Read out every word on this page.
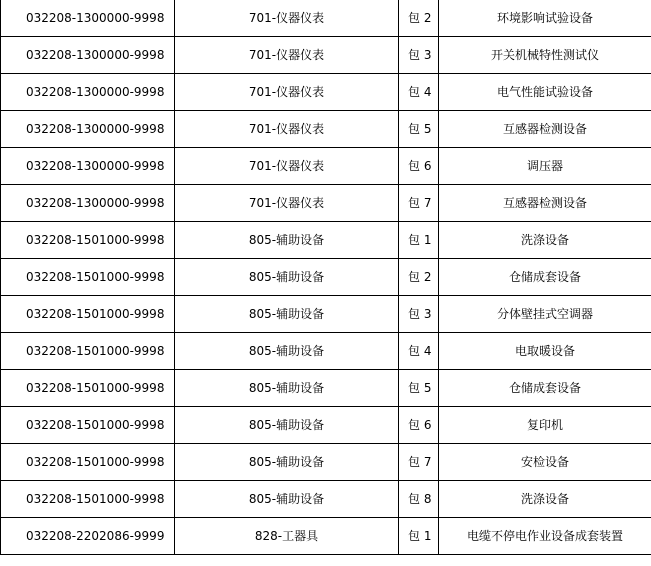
032208-1300000-9998	701-仪器仪表	包 2	环境影响试验设备
032208-1300000-9998	701-仪器仪表	包 3	开关机械特性测试仪
032208-1300000-9998	701-仪器仪表	包 4	电气性能试验设备
032208-1300000-9998	701-仪器仪表	包 5	互感器检测设备
032208-1300000-9998	701-仪器仪表	包 6	调压器
032208-1300000-9998	701-仪器仪表	包 7	互感器检测设备
032208-1501000-9998	805-辅助设备	包 1	洗涤设备
032208-1501000-9998	805-辅助设备	包 2	仓储成套设备
032208-1501000-9998	805-辅助设备	包 3	分体壁挂式空调器
032208-1501000-9998	805-辅助设备	包 4	电取暖设备
032208-1501000-9998	805-辅助设备	包 5	仓储成套设备
032208-1501000-9998	805-辅助设备	包 6	复印机
032208-1501000-9998	805-辅助设备	包 7	安检设备
032208-1501000-9998	805-辅助设备	包 8	洗涤设备
032208-2202086-9999	828-工器具	包 1	电缆不停电作业设备成套装置
